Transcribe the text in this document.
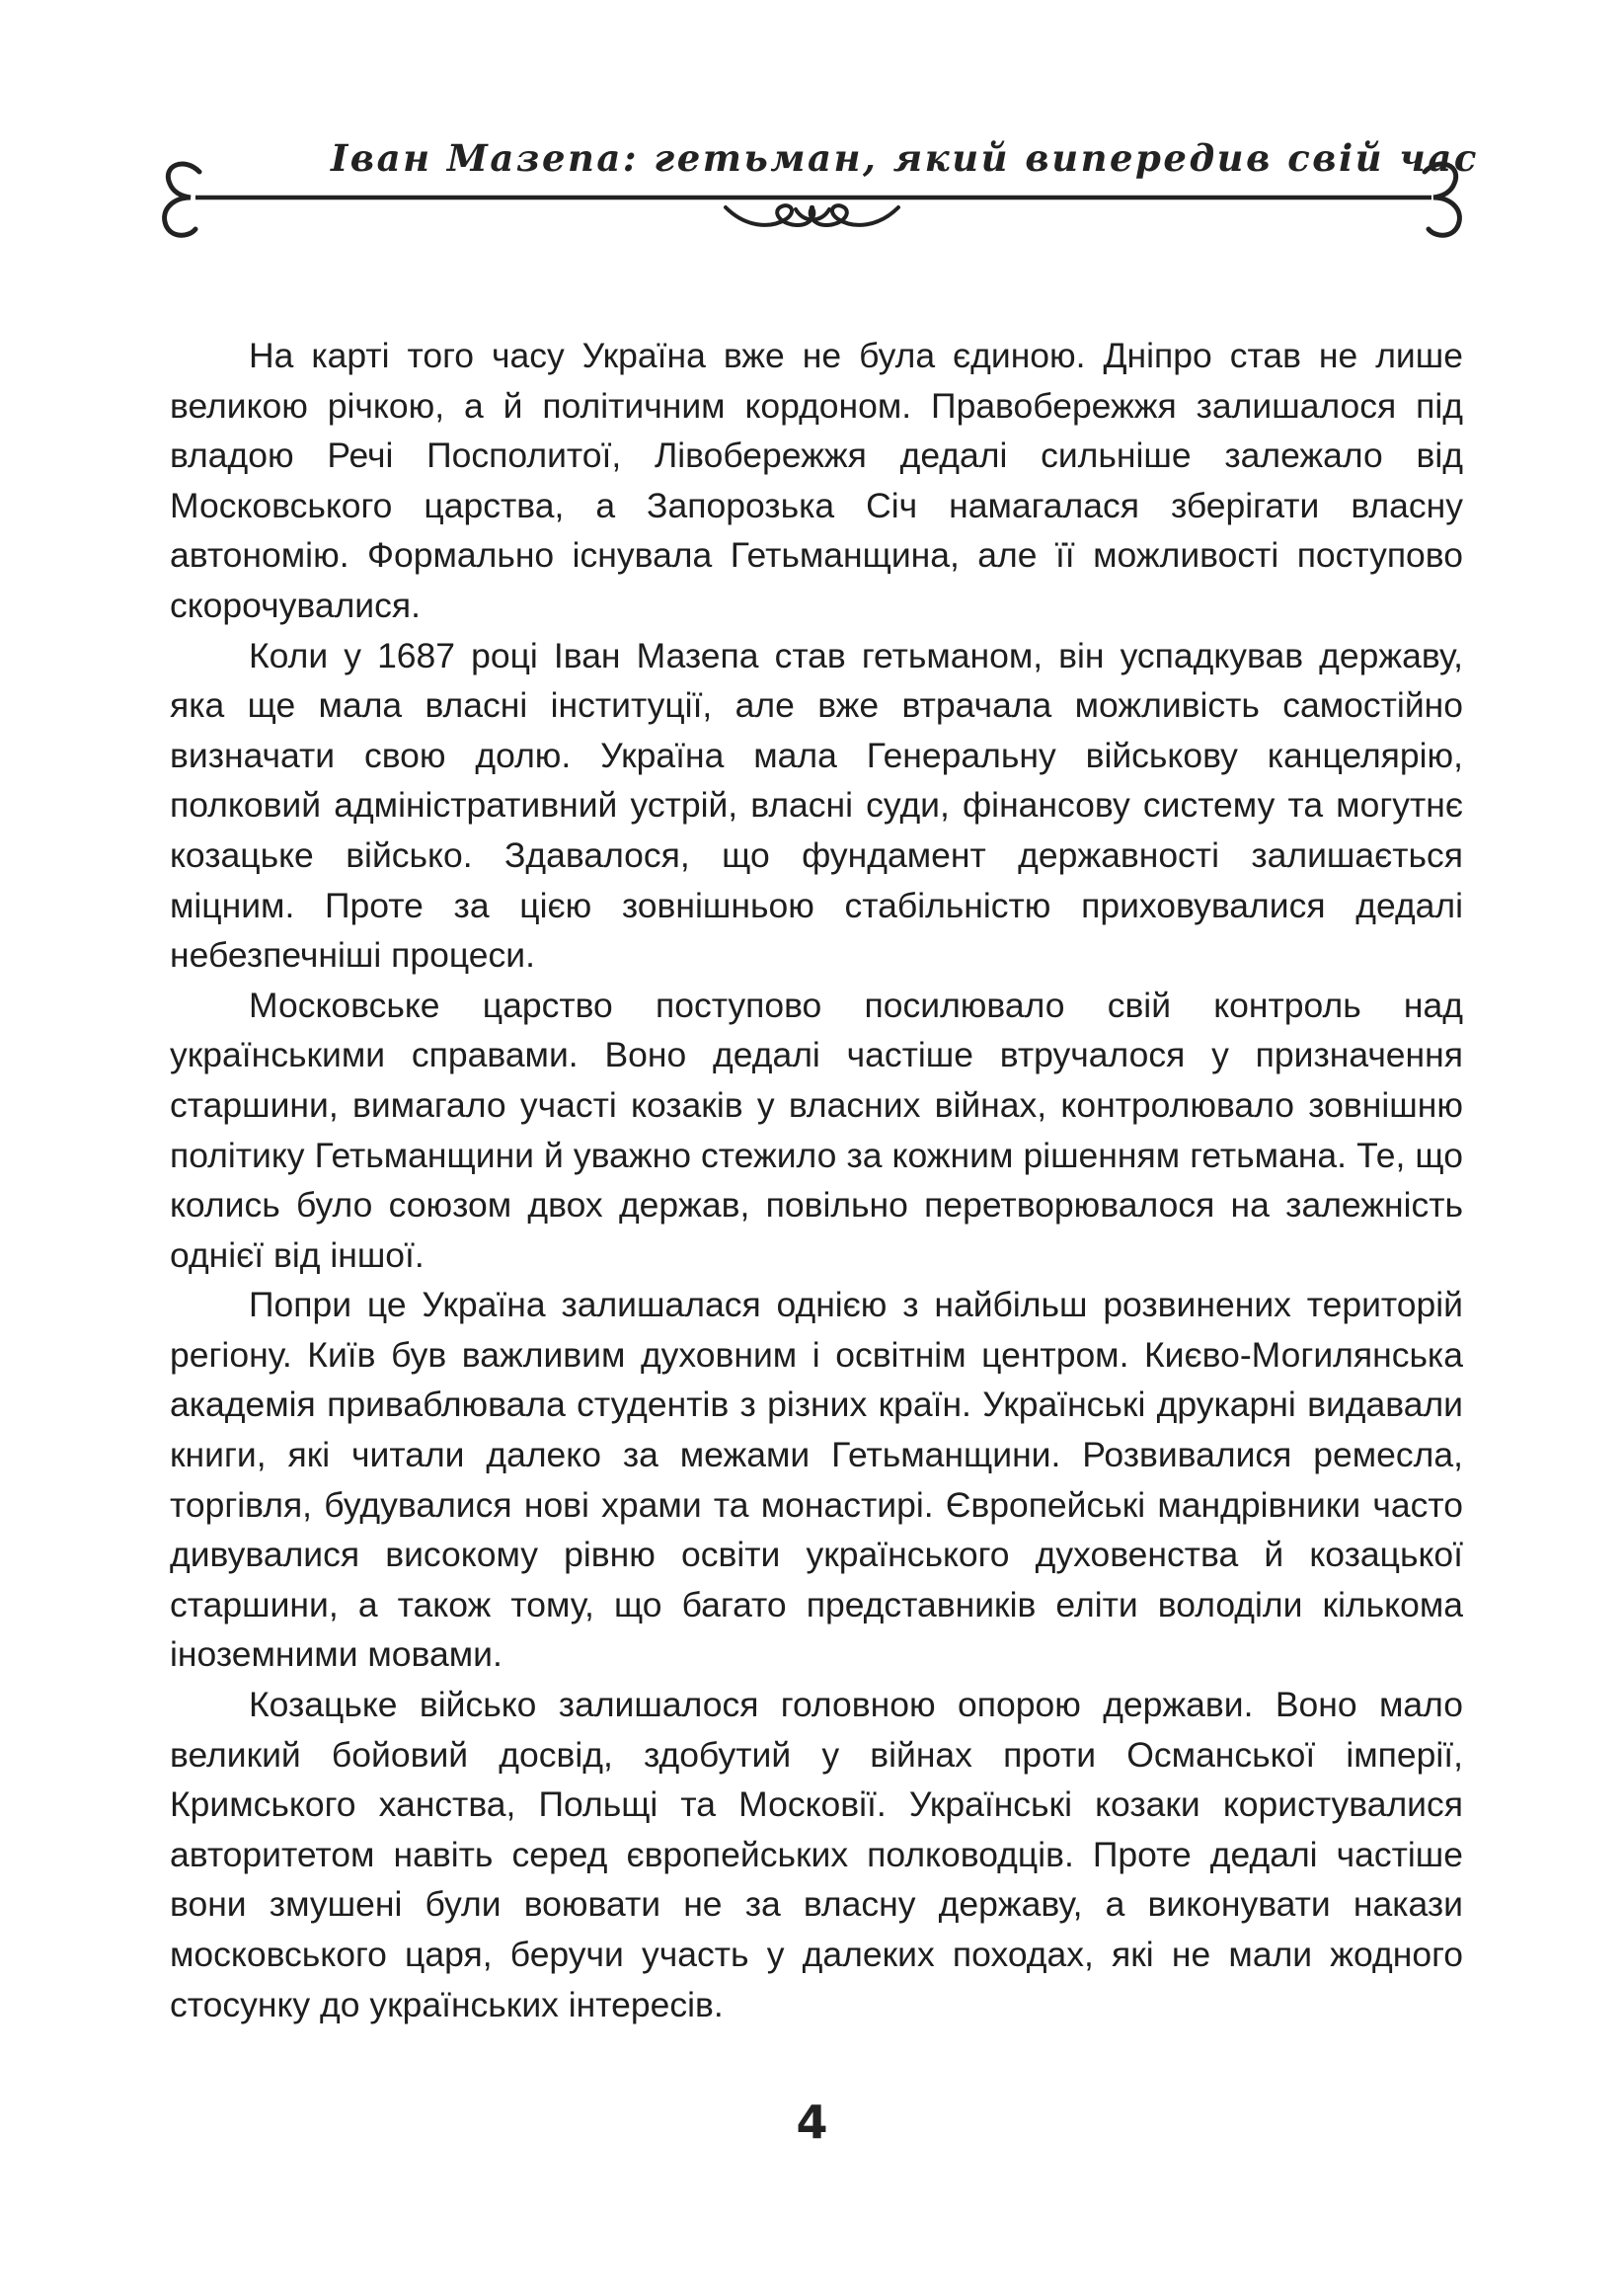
Іван Мазепа: гетьман, який випередив свій час

На карті того часу Україна вже не була єдиною. Дніпро став не лише великою річкою, а й політичним кордоном. Правобережжя залишалося під владою Речі Посполитої, Лівобережжя дедалі сильніше залежало від Московського царства, а Запорозька Січ намагалася зберігати власну автономію. Формально існувала Гетьманщина, але її можливості поступово скорочувалися.

Коли у 1687 році Іван Мазепа став гетьманом, він успадкував державу, яка ще мала власні інституції, але вже втрачала можливість самостійно визначати свою долю. Україна мала Генеральну військову канцелярію, полковий адміністративний устрій, власні суди, фінансову систему та могутнє козацьке військо. Здавалося, що фундамент державності залишається міцним. Проте за цією зовнішньою стабільністю приховувалися дедалі небезпечніші процеси.

Московське царство поступово посилювало свій контроль над українськими справами. Воно дедалі частіше втручалося у призначення старшини, вимагало участі козаків у власних війнах, контролювало зовнішню політику Гетьманщини й уважно стежило за кожним рішенням гетьмана. Те, що колись було союзом двох держав, повільно перетворювалося на залежність однієї від іншої.

Попри це Україна залишалася однією з найбільш розвинених територій регіону. Київ був важливим духовним і освітнім центром. Києво-Могилянська академія приваблювала студентів з різних країн. Українські друкарні видавали книги, які читали далеко за межами Гетьманщини. Розвивалися ремесла, торгівля, будувалися нові храми та монастирі. Європейські мандрівники часто дивувалися високому рівню освіти українського духовенства й козацької старшини, а також тому, що багато представників еліти володіли кількома іноземними мовами.

Козацьке військо залишалося головною опорою держави. Воно мало великий бойовий досвід, здобутий у війнах проти Османської імперії, Кримського ханства, Польщі та Московії. Українські козаки користувалися авторитетом навіть серед європейських полководців. Проте дедалі частіше вони змушені були воювати не за власну державу, а виконувати накази московського царя, беручи участь у далеких походах, які не мали жодного стосунку до українських інтересів.

4
